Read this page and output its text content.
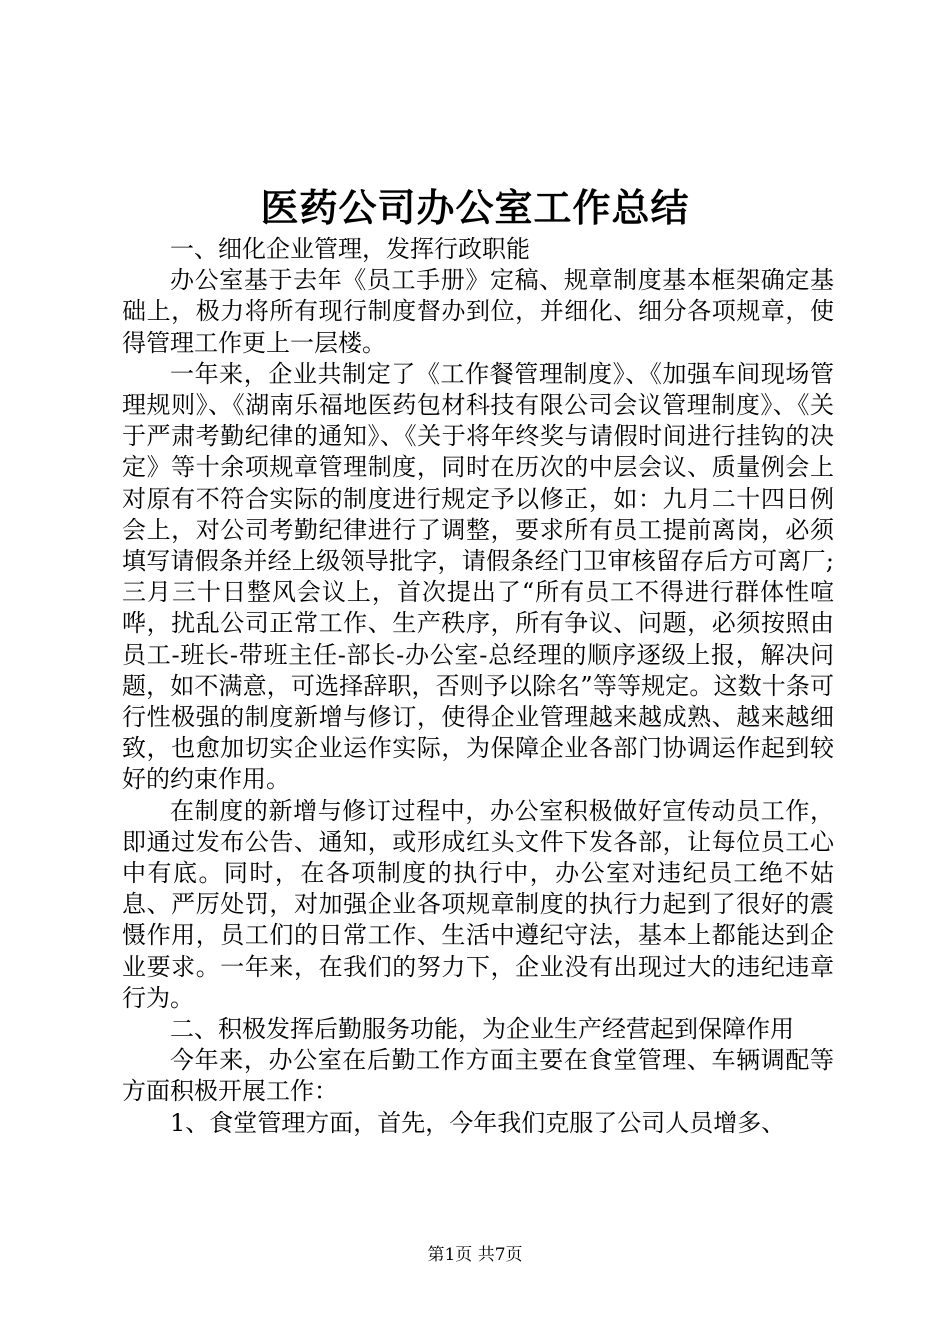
医药公司办公室工作总结

一、细化企业管理，发挥行政职能

办公室基于去年《员工手册》定稿、规章制度基本框架确定基础上，极力将所有现行制度督办到位，并细化、细分各项规章，使得管理工作更上一层楼。

一年来，企业共制定了《工作餐管理制度》、《加强车间现场管理规则》、《湖南乐福地医药包材科技有限公司会议管理制度》、《关于严肃考勤纪律的通知》、《关于将年终奖与请假时间进行挂钩的决定》等十余项规章管理制度，同时在历次的中层会议、质量例会上对原有不符合实际的制度进行规定予以修正，如：九月二十四日例会上，对公司考勤纪律进行了调整，要求所有员工提前离岗，必须填写请假条并经上级领导批字，请假条经门卫审核留存后方可离厂;三月三十日整风会议上，首次提出了“所有员工不得进行群体性喧哗，扰乱公司正常工作、生产秩序，所有争议、问题，必须按照由员工-班长-带班主任-部长-办公室-总经理的顺序逐级上报，解决问题，如不满意，可选择辞职，否则予以除名”等等规定。这数十条可行性极强的制度新增与修订，使得企业管理越来越成熟、越来越细致，也愈加切实企业运作实际，为保障企业各部门协调运作起到较好的约束作用。

在制度的新增与修订过程中，办公室积极做好宣传动员工作，即通过发布公告、通知，或形成红头文件下发各部，让每位员工心中有底。同时，在各项制度的执行中，办公室对违纪员工绝不姑息、严厉处罚，对加强企业各项规章制度的执行力起到了很好的震慑作用，员工们的日常工作、生活中遵纪守法，基本上都能达到企业要求。一年来，在我们的努力下，企业没有出现过大的违纪违章行为。

二、积极发挥后勤服务功能，为企业生产经营起到保障作用

今年来，办公室在后勤工作方面主要在食堂管理、车辆调配等方面积极开展工作：

1、食堂管理方面，首先，今年我们克服了公司人员增多、

第1页 共7页
